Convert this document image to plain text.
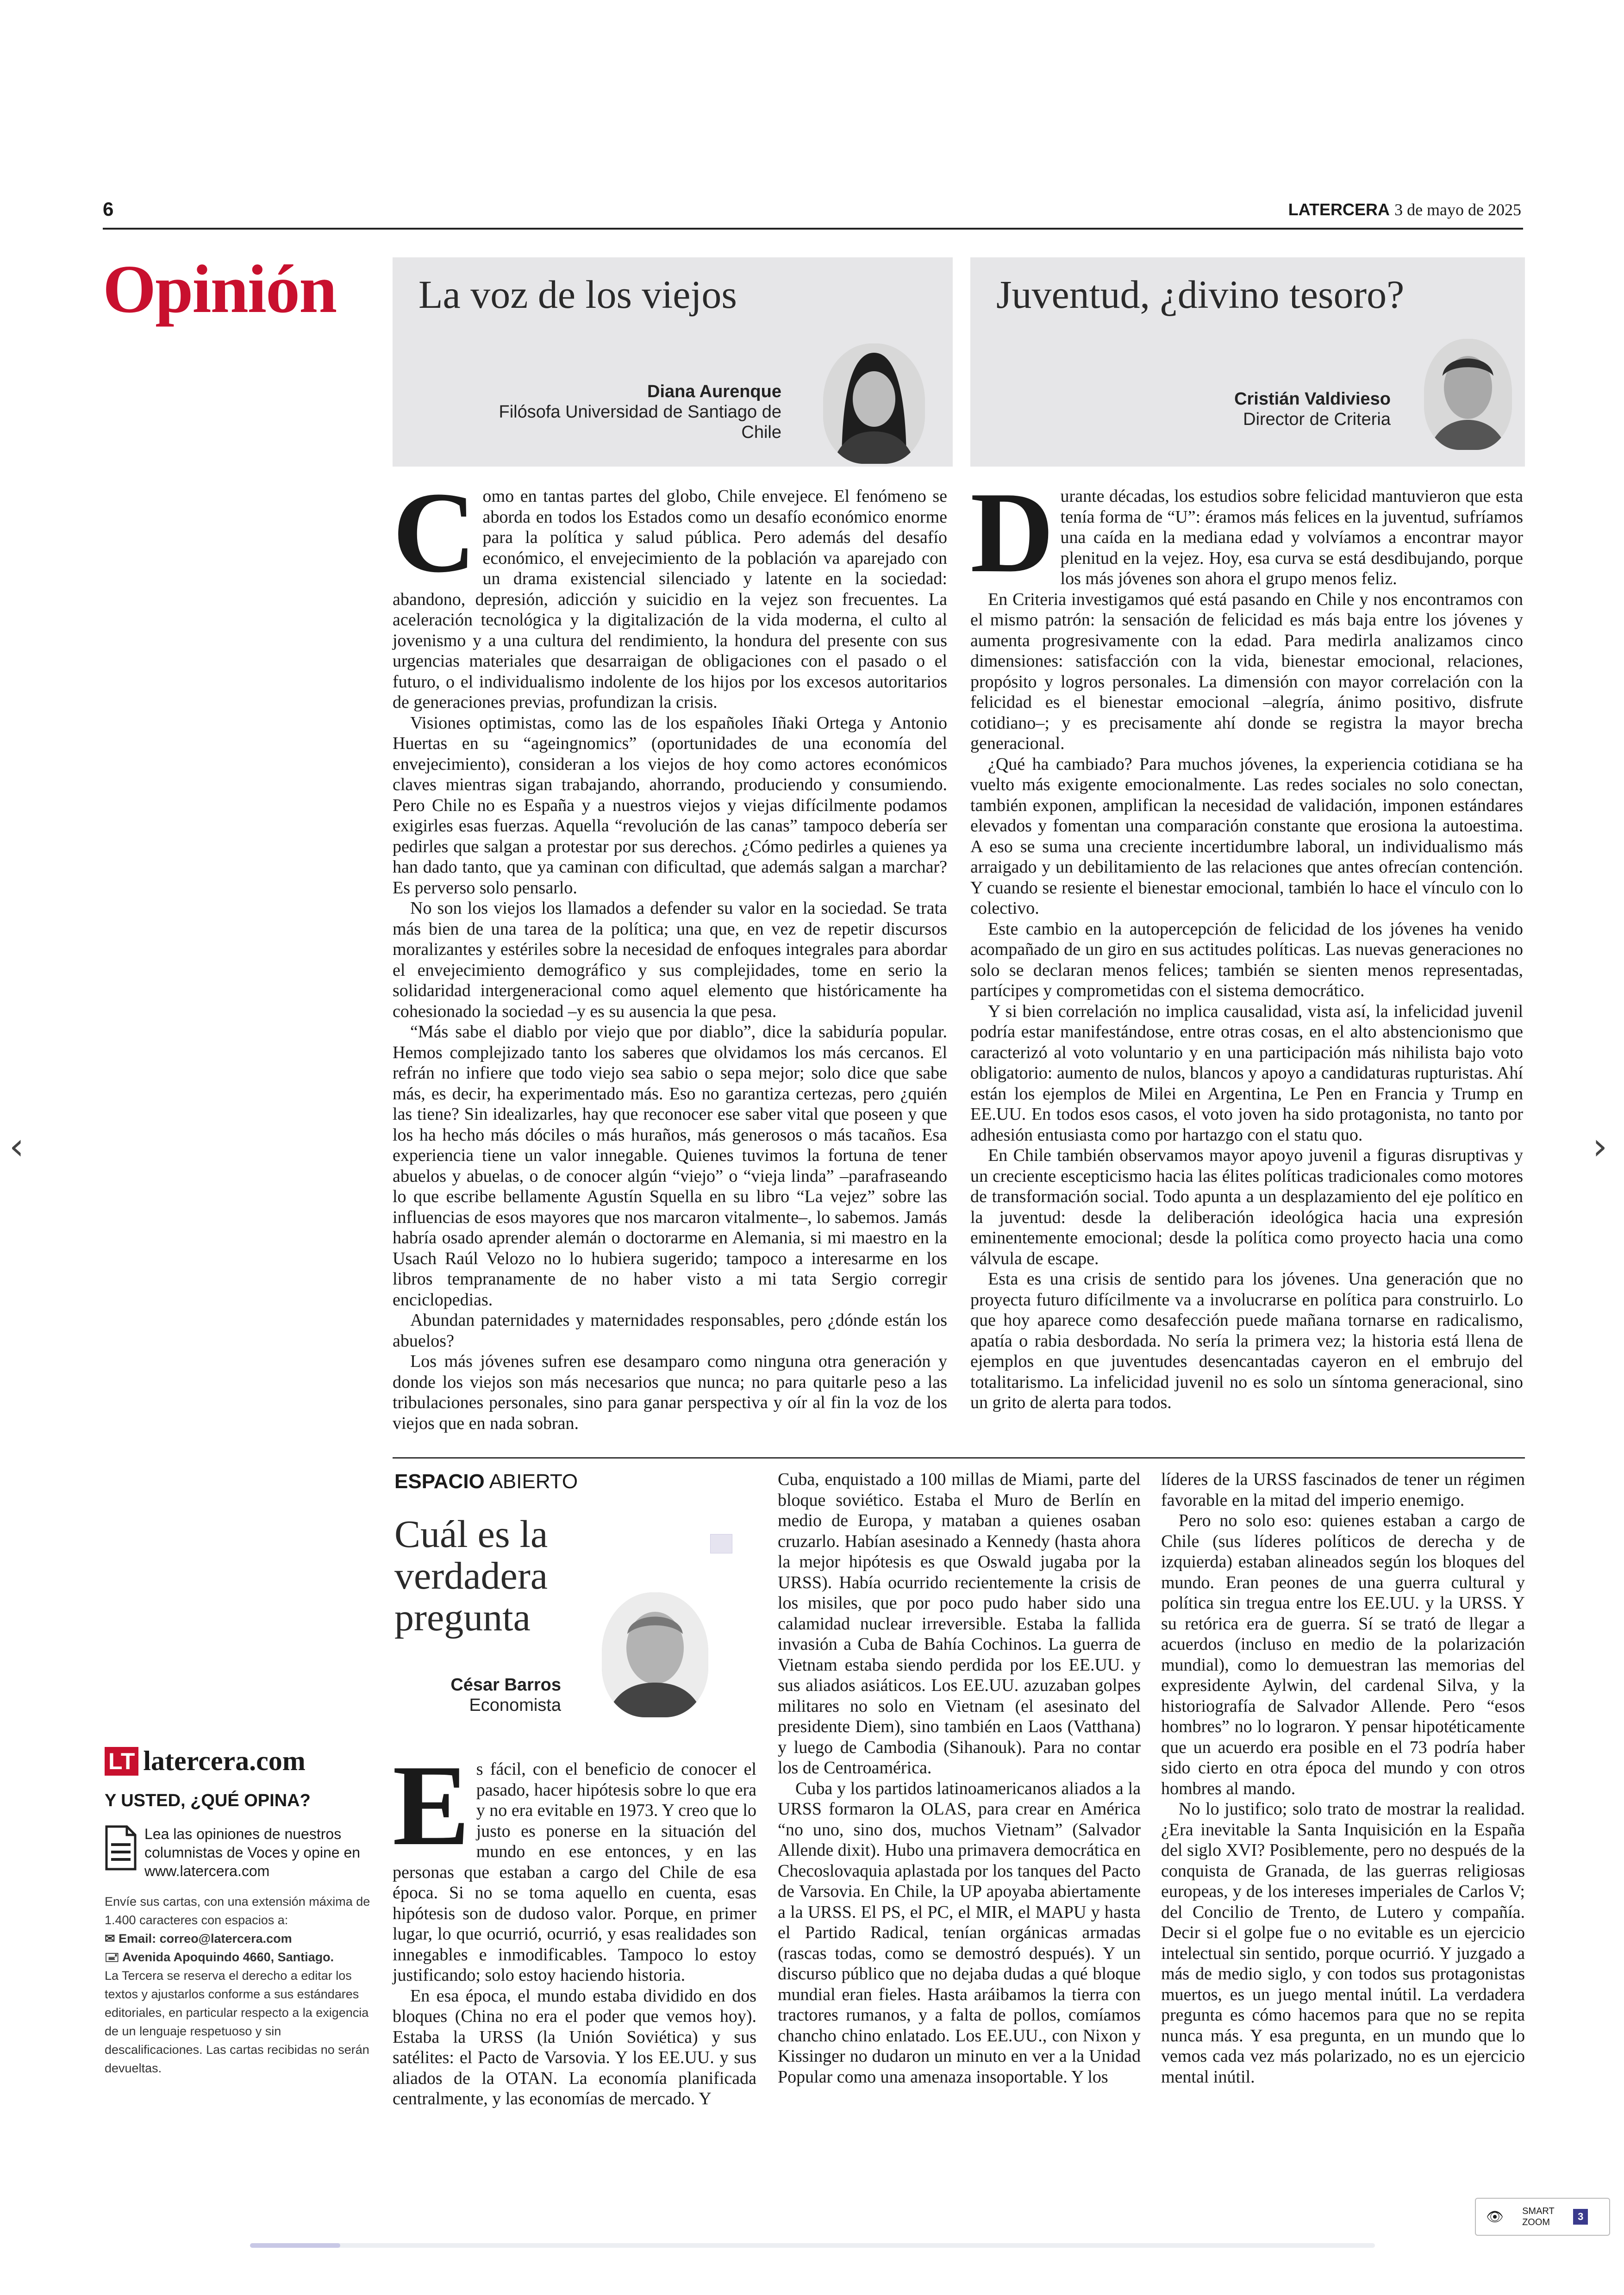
6	LATERCERA 3 de mayo de 2025
Opinión La voz de los viejos
Diana Aurenque
Filósofa Universidad de Santiago de Chile
Juventud, ¿divino tesoro?
Cristián Valdivieso
Director de Criteria

Como en tantas partes del globo, Chile envejece. El fenómeno se aborda en todos los Estados como un desafío económico enorme para la política y salud pública. Pero además del desafío económico, el envejecimiento de la población va aparejado con un drama existencial silenciado y latente en la sociedad: abandono, depresión, adicción y suicidio en la vejez son frecuentes. La aceleración tecnológica y la digitalización de la vida moderna, el culto al jovenismo y a una cultura del rendimiento, la hondura del presente con sus urgencias materiales que desarraigan de obligaciones con el pasado o el futuro, o el individualismo indolente de los hijos por los excesos autoritarios de generaciones previas, profundizan la crisis.

Visiones optimistas, como las de los españoles Iñaki Ortega y Antonio Huertas en su “ageingnomics” (oportunidades de una economía del envejecimiento), consideran a los viejos de hoy como actores económicos claves mientras sigan trabajando, ahorrando, produciendo y consumiendo. Pero Chile no es España y a nuestros viejos y viejas difícilmente podamos exigirles esas fuerzas. Aquella “revolución de las canas” tampoco debería ser pedirles que salgan a protestar por sus derechos. ¿Cómo pedirles a quienes ya han dado tanto, que ya caminan con dificultad, que además salgan a marchar? Es perverso solo pensarlo.

No son los viejos los llamados a defender su valor en la sociedad. Se trata más bien de una tarea de la política; una que, en vez de repetir discursos moralizantes y estériles sobre la necesidad de enfoques integrales para abordar el envejecimiento demográfico y sus complejidades, tome en serio la solidaridad intergeneracional como aquel elemento que históricamente ha cohesionado la sociedad –y es su ausencia la que pesa.

“Más sabe el diablo por viejo que por diablo”, dice la sabiduría popular. Hemos complejizado tanto los saberes que olvidamos los más cercanos. El refrán no infiere que todo viejo sea sabio o sepa mejor; solo dice que sabe más, es decir, ha experimentado más. Eso no garantiza certezas, pero ¿quién las tiene? Sin idealizarles, hay que reconocer ese saber vital que poseen y que los ha hecho más dóciles o más huraños, más generosos o más tacaños. Esa experiencia tiene un valor innegable. Quienes tuvimos la fortuna de tener abuelos y abuelas, o de conocer algún “viejo” o “vieja linda” –parafraseando lo que escribe bellamente Agustín Squella en su libro “La vejez” sobre las influencias de esos mayores que nos marcaron vitalmente–, lo sabemos. Jamás habría osado aprender alemán o doctorarme en Alemania, si mi maestro en la Usach Raúl Velozo no lo hubiera sugerido; tampoco a interesarme en los libros tempranamente de no haber visto a mi tata Sergio corregir enciclopedias.

Abundan paternidades y maternidades responsables, pero ¿dónde están los abuelos?

Los más jóvenes sufren ese desamparo como ninguna otra generación y donde los viejos son más necesarios que nunca; no para quitarle peso a las tribulaciones personales, sino para ganar perspectiva y oír al fin la voz de los viejos que en nada sobran.

Durante décadas, los estudios sobre felicidad mantuvieron que esta tenía forma de “U”: éramos más felices en la juventud, sufríamos una caída en la mediana edad y volvíamos a encontrar mayor plenitud en la vejez. Hoy, esa curva se está desdibujando, porque los más jóvenes son ahora el grupo menos feliz.

En Criteria investigamos qué está pasando en Chile y nos encontramos con el mismo patrón: la sensación de felicidad es más baja entre los jóvenes y aumenta progresivamente con la edad. Para medirla analizamos cinco dimensiones: satisfacción con la vida, bienestar emocional, relaciones, propósito y logros personales. La dimensión con mayor correlación con la felicidad es el bienestar emocional –alegría, ánimo positivo, disfrute cotidiano–; y es precisamente ahí donde se registra la mayor brecha generacional.

¿Qué ha cambiado? Para muchos jóvenes, la experiencia cotidiana se ha vuelto más exigente emocionalmente. Las redes sociales no solo conectan, también exponen, amplifican la necesidad de validación, imponen estándares elevados y fomentan una comparación constante que erosiona la autoestima. A eso se suma una creciente incertidumbre laboral, un individualismo más arraigado y un debilitamiento de las relaciones que antes ofrecían contención. Y cuando se resiente el bienestar emocional, también lo hace el vínculo con lo colectivo.

Este cambio en la autopercepción de felicidad de los jóvenes ha venido acompañado de un giro en sus actitudes políticas. Las nuevas generaciones no solo se declaran menos felices; también se sienten menos representadas, partícipes y comprometidas con el sistema democrático.

Y si bien correlación no implica causalidad, vista así, la infelicidad juvenil podría estar manifestándose, entre otras cosas, en el alto abstencionismo que caracterizó al voto voluntario y en una participación más nihilista bajo voto obligatorio: aumento de nulos, blancos y apoyo a candidaturas rupturistas. Ahí están los ejemplos de Milei en Argentina, Le Pen en Francia y Trump en EE.UU. En todos esos casos, el voto joven ha sido protagonista, no tanto por adhesión entusiasta como por hartazgo con el statu quo.

En Chile también observamos mayor apoyo juvenil a figuras disruptivas y un creciente escepticismo hacia las élites políticas tradicionales como motores de transformación social. Todo apunta a un desplazamiento del eje político en la juventud: desde la deliberación ideológica hacia una expresión eminentemente emocional; desde la política como proyecto hacia una como válvula de escape.

Esta es una crisis de sentido para los jóvenes. Una generación que no proyecta futuro difícilmente va a involucrarse en política para construirlo. Lo que hoy aparece como desafección puede mañana tornarse en radicalismo, apatía o rabia desbordada. No sería la primera vez; la historia está llena de ejemplos en que juventudes desencantadas cayeron en el embrujo del totalitarismo. La infelicidad juvenil no es solo un síntoma generacional, sino un grito de alerta para todos.

ESPACIO ABIERTO
Cuál es la
verdadera
pregunta
César Barros
Economista

Es fácil, con el beneficio de conocer el pasado, hacer hipótesis sobre lo que era y no era evitable en 1973. Y creo que lo justo es ponerse en la situación del mundo en ese entonces, y en las personas que estaban a cargo del Chile de esa época. Si no se toma aquello en cuenta, esas hipótesis son de dudoso valor. Porque, en primer lugar, lo que ocurrió, ocurrió, y esas realidades son innegables e inmodificables. Tampoco lo estoy justificando; solo estoy haciendo historia.

En esa época, el mundo estaba dividido en dos bloques (China no era el poder que vemos hoy). Estaba la URSS (la Unión Soviética) y sus satélites: el Pacto de Varsovia. Y los EE.UU. y sus aliados de la OTAN. La economía planificada centralmente, y las economías de mercado. Y

Cuba, enquistado a 100 millas de Miami, parte del bloque soviético. Estaba el Muro de Berlín en medio de Europa, y mataban a quienes osaban cruzarlo. Habían asesinado a Kennedy (hasta ahora la mejor hipótesis es que Oswald jugaba por la URSS). Había ocurrido recientemente la crisis de los misiles, que por poco pudo haber sido una calamidad nuclear irreversible. Estaba la fallida invasión a Cuba de Bahía Cochinos. La guerra de Vietnam estaba siendo perdida por los EE.UU. y sus aliados asiáticos. Los EE.UU. azuzaban golpes militares no solo en Vietnam (el asesinato del presidente Diem), sino también en Laos (Vatthana) y luego de Cambodia (Sihanouk). Para no contar los de Centroamérica.

Cuba y los partidos latinoamericanos aliados a la URSS formaron la OLAS, para crear en América “no uno, sino dos, muchos Vietnam” (Salvador Allende dixit). Hubo una primavera democrática en Checoslovaquia aplastada por los tanques del Pacto de Varsovia. En Chile, la UP apoyaba abiertamente a la URSS. El PS, el PC, el MIR, el MAPU y hasta el Partido Radical, tenían orgánicas armadas (rascas todas, como se demostró después). Y un discurso público que no dejaba dudas a qué bloque mundial eran fieles. Hasta aráibamos la tierra con tractores rumanos, y a falta de pollos, comíamos chancho chino enlatado. Los EE.UU., con Nixon y Kissinger no dudaron un minuto en ver a la Unidad Popular como una amenaza insoportable. Y los

líderes de la URSS fascinados de tener un régimen favorable en la mitad del imperio enemigo.

Pero no solo eso: quienes estaban a cargo de Chile (sus líderes políticos de derecha y de izquierda) estaban alineados según los bloques del mundo. Eran peones de una guerra cultural y política sin tregua entre los EE.UU. y la URSS. Y su retórica era de guerra. Sí se trató de llegar a acuerdos (incluso en medio de la polarización mundial), como lo demuestran las memorias del expresidente Aylwin, del cardenal Silva, y la historiografía de Salvador Allende. Pero “esos hombres” no lo lograron. Y pensar hipotéticamente que un acuerdo era posible en el 73 podría haber sido cierto en otra época del mundo y con otros hombres al mando.

No lo justifico; solo trato de mostrar la realidad. ¿Era inevitable la Santa Inquisición en la España del siglo XVI? Posiblemente, pero no después de la conquista de Granada, de las guerras religiosas europeas, y de los intereses imperiales de Carlos V; del Concilio de Trento, de Lutero y compañía. Decir si el golpe fue o no evitable es un ejercicio intelectual sin sentido, porque ocurrió. Y juzgado a más de medio siglo, y con todos sus protagonistas muertos, es un juego mental inútil. La verdadera pregunta es cómo hacemos para que no se repita nunca más. Y esa pregunta, en un mundo que lo vemos cada vez más polarizado, no es un ejercicio mental inútil.

LT latercera.com
Y USTED, ¿QUÉ OPINA?
Lea las opiniones de nuestros columnistas de Voces y opine en www.latercera.com
Envíe sus cartas, con una extensión máxima de 1.400 caracteres con espacios a:
✉ Email: correo@latercera.com
🖃 Avenida Apoquindo 4660, Santiago.
La Tercera se reserva el derecho a editar los textos y ajustarlos conforme a sus estándares editoriales, en particular respecto a la exigencia de un lenguaje respetuoso y sin descalificaciones. Las cartas recibidas no serán devueltas.
‹	›
👁 SMART ZOOM	3
